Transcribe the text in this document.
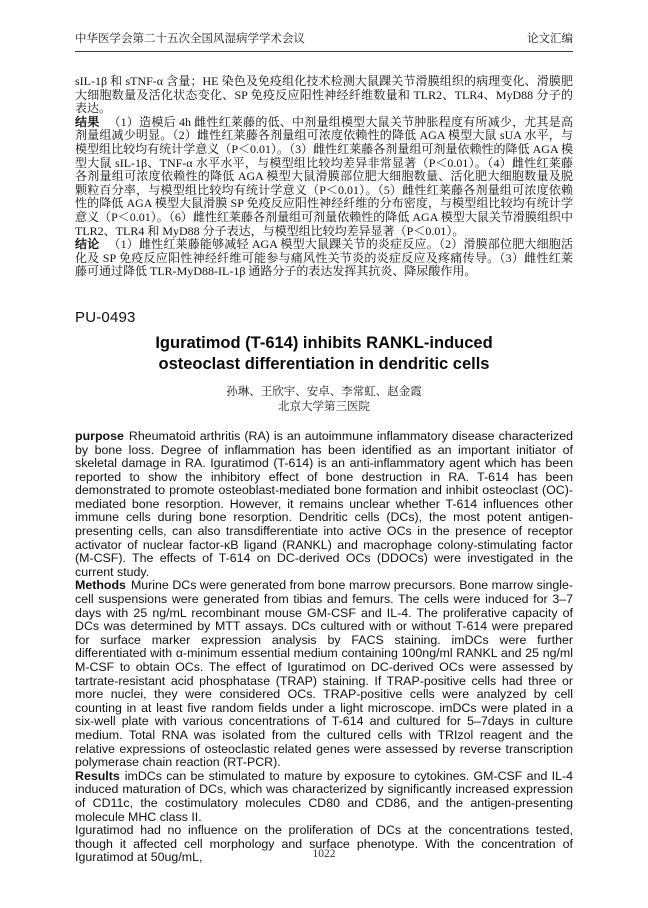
中华医学会第二十五次全国风湿病学学术会议	论文汇编

sIL-1β 和 sTNF-α 含量；HE 染色及免疫组化技术检测大鼠踝关节滑膜组织的病理变化、滑膜肥大细胞数量及活化状态变化、SP 免疫反应阳性神经纤维数量和 TLR2、TLR4、MyD88 分子的表达。

结果 （1）造模后 4h 雌性红莱藤的低、中剂量组模型大鼠关节肿胀程度有所减少，尤其是高剂量组减少明显。（2）雌性红莱藤各剂量组可浓度依赖性的降低 AGA 模型大鼠 sUA 水平，与模型组比较均有统计学意义（P＜0.01）。（3）雌性红莱藤各剂量组可剂量依赖性的降低 AGA 模型大鼠 sIL-1β、TNF-α 水平水平，与模型组比较均差异非常显著（P＜0.01）。（4）雌性红莱藤各剂量组可浓度依赖性的降低 AGA 模型大鼠滑膜部位肥大细胞数量、活化肥大细胞数量及脱颗粒百分率，与模型组比较均有统计学意义（P＜0.01）。（5）雌性红莱藤各剂量组可浓度依赖性的降低 AGA 模型大鼠滑膜 SP 免疫反应阳性神经纤维的分布密度，与模型组比较均有统计学意义（P＜0.01）。（6）雌性红莱藤各剂量组可剂量依赖性的降低 AGA 模型大鼠关节滑膜组织中 TLR2、TLR4 和 MyD88 分子表达，与模型组比较均差异显著（P＜0.01）。

结论 （1）雌性红莱藤能够减轻 AGA 模型大鼠踝关节的炎症反应。（2）滑膜部位肥大细胞活化及 SP 免疫反应阳性神经纤维可能参与痛风性关节炎的炎症反应及疼痛传导。（3）雌性红莱藤可通过降低 TLR-MyD88-IL-1β 通路分子的表达发挥其抗炎、降尿酸作用。

PU-0493
Iguratimod (T-614) inhibits RANKL-induced osteoclast differentiation in dendritic cells
孙琳、王欣宇、安卓、李常虹、赵金霞
北京大学第三医院

purpose Rheumatoid arthritis (RA) is an autoimmune inflammatory disease characterized by bone loss. Degree of inflammation has been identified as an important initiator of skeletal damage in RA. Iguratimod (T-614) is an anti-inflammatory agent which has been reported to show the inhibitory effect of bone destruction in RA. T-614 has been demonstrated to promote osteoblast-mediated bone formation and inhibit osteoclast (OC)-mediated bone resorption. However, it remains unclear whether T-614 influences other immune cells during bone resorption. Dendritic cells (DCs), the most potent antigen-presenting cells, can also transdifferentiate into active OCs in the presence of receptor activator of nuclear factor-κB ligand (RANKL) and macrophage colony-stimulating factor (M-CSF). The effects of T-614 on DC-derived OCs (DDOCs) were investigated in the current study.

Methods Murine DCs were generated from bone marrow precursors. Bone marrow single-cell suspensions were generated from tibias and femurs. The cells were induced for 3–7 days with 25 ng/mL recombinant mouse GM-CSF and IL-4. The proliferative capacity of DCs was determined by MTT assays. DCs cultured with or without T-614 were prepared for surface marker expression analysis by FACS staining. imDCs were further differentiated with α-minimum essential medium containing 100ng/ml RANKL and 25 ng/ml M-CSF to obtain OCs. The effect of Iguratimod on DC-derived OCs were assessed by tartrate-resistant acid phosphatase (TRAP) staining. If TRAP-positive cells had three or more nuclei, they were considered OCs. TRAP-positive cells were analyzed by cell counting in at least five random fields under a light microscope. imDCs were plated in a six-well plate with various concentrations of T-614 and cultured for 5–7days in culture medium. Total RNA was isolated from the cultured cells with TRIzol reagent and the relative expressions of osteoclastic related genes were assessed by reverse transcription polymerase chain reaction (RT-PCR).

Results imDCs can be stimulated to mature by exposure to cytokines. GM-CSF and IL-4 induced maturation of DCs, which was characterized by significantly increased expression of CD11c, the costimulatory molecules CD80 and CD86, and the antigen-presenting molecule MHC class II.

Iguratimod had no influence on the proliferation of DCs at the concentrations tested, though it affected cell morphology and surface phenotype. With the concentration of Iguratimod at 50ug/mL,	1022
